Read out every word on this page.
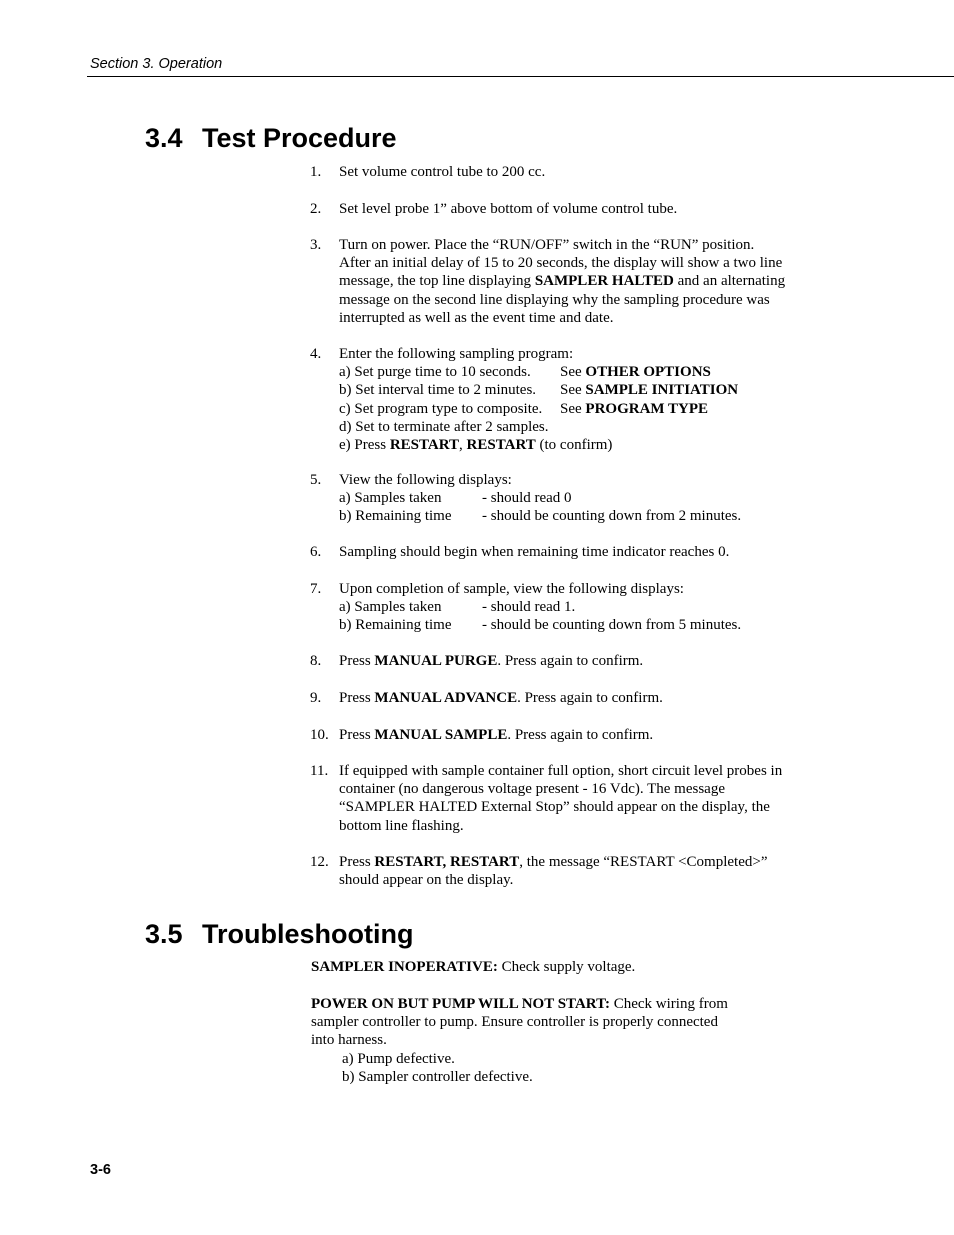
Section 3. Operation
3.4 Test Procedure
1. Set volume control tube to 200 cc.
2. Set level probe 1” above bottom of volume control tube.
3. Turn on power. Place the “RUN/OFF” switch in the “RUN” position.
After an initial delay of 15 to 20 seconds, the display will show a two line
message, the top line displaying SAMPLER HALTED and an alternating
message on the second line displaying why the sampling procedure was
interrupted as well as the event time and date.
4. Enter the following sampling program:
a) Set purge time to 10 seconds. See OTHER OPTIONS
b) Set interval time to 2 minutes. See SAMPLE INITIATION
c) Set program type to composite. See PROGRAM TYPE
d) Set to terminate after 2 samples.
e) Press RESTART, RESTART (to confirm)
5. View the following displays:
a) Samples taken	- should read 0
b) Remaining time - should be counting down from 2 minutes.
6. Sampling should begin when remaining time indicator reaches 0.
7. Upon completion of sample, view the following displays:
a) Samples taken	- should read 1.
b) Remaining time - should be counting down from 5 minutes.
8. Press MANUAL PURGE. Press again to confirm.
9. Press MANUAL ADVANCE. Press again to confirm.
10. Press MANUAL SAMPLE. Press again to confirm.
11. If equipped with sample container full option, short circuit level probes in
container (no dangerous voltage present - 16 Vdc). The message
“SAMPLER HALTED External Stop” should appear on the display, the
bottom line flashing.
12. Press RESTART, RESTART, the message “RESTART <Completed>”
should appear on the display.
3.5 Troubleshooting
SAMPLER INOPERATIVE: Check supply voltage.
POWER ON BUT PUMP WILL NOT START: Check wiring from
sampler controller to pump. Ensure controller is properly connected
into harness.
a) Pump defective.
b) Sampler controller defective.
3-6
